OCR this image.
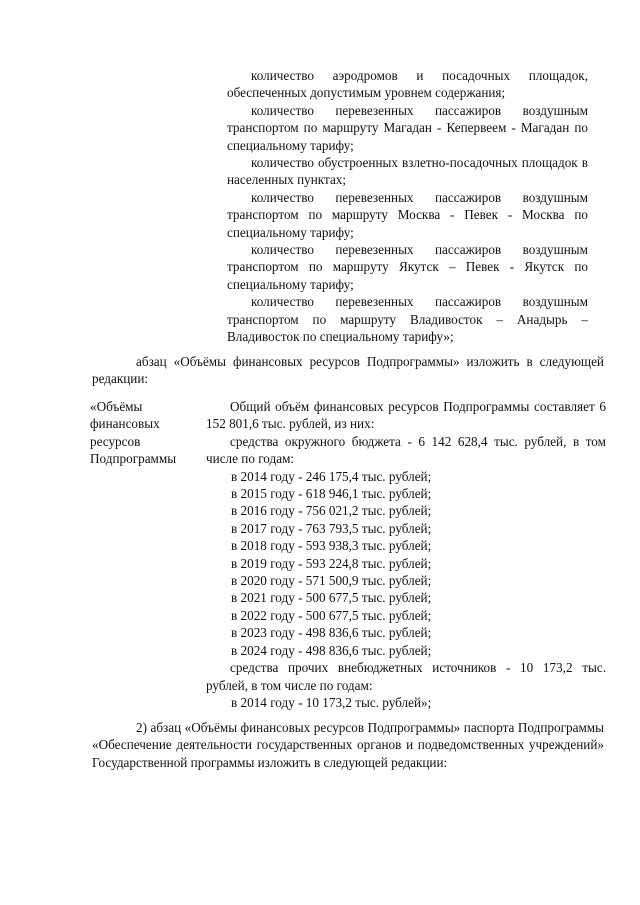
количество аэродромов и посадочных площадок, обеспеченных допустимым уровнем содержания;

количество перевезенных пассажиров воздушным транспортом по маршруту Магадан - Кепервеем - Магадан по специальному тарифу;

количество обустроенных взлетно-посадочных площадок в населенных пунктах;

количество перевезенных пассажиров воздушным транспортом по маршруту Москва - Певек - Москва по специальному тарифу;

количество перевезенных пассажиров воздушным транспортом по маршруту Якутск – Певек - Якутск по специальному тарифу;

количество перевезенных пассажиров воздушным транспортом по маршруту Владивосток – Анадырь – Владивосток по специальному тарифу»;

абзац «Объёмы финансовых ресурсов Подпрограммы» изложить в следующей редакции:

«Объёмы
финансовых
ресурсов
Подпрограммы

Общий объём финансовых ресурсов Подпрограммы составляет 6 152 801,6 тыс. рублей, из них:

средства окружного бюджета - 6 142 628,4 тыс. рублей, в том числе по годам:

в 2014 году - 246 175,4 тыс. рублей;

в 2015 году - 618 946,1 тыс. рублей;

в 2016 году - 756 021,2 тыс. рублей;

в 2017 году - 763 793,5 тыс. рублей;

в 2018 году - 593 938,3 тыс. рублей;

в 2019 году - 593 224,8 тыс. рублей;

в 2020 году - 571 500,9 тыс. рублей;

в 2021 году - 500 677,5 тыс. рублей;

в 2022 году - 500 677,5 тыс. рублей;

в 2023 году - 498 836,6 тыс. рублей;

в 2024 году - 498 836,6 тыс. рублей;

средства прочих внебюджетных источников - 10 173,2 тыс. рублей, в том числе по годам:

в 2014 году - 10 173,2 тыс. рублей»;

2) абзац «Объёмы финансовых ресурсов Подпрограммы» паспорта Подпрограммы «Обеспечение деятельности государственных органов и подведомственных учреждений» Государственной программы изложить в следующей редакции:
